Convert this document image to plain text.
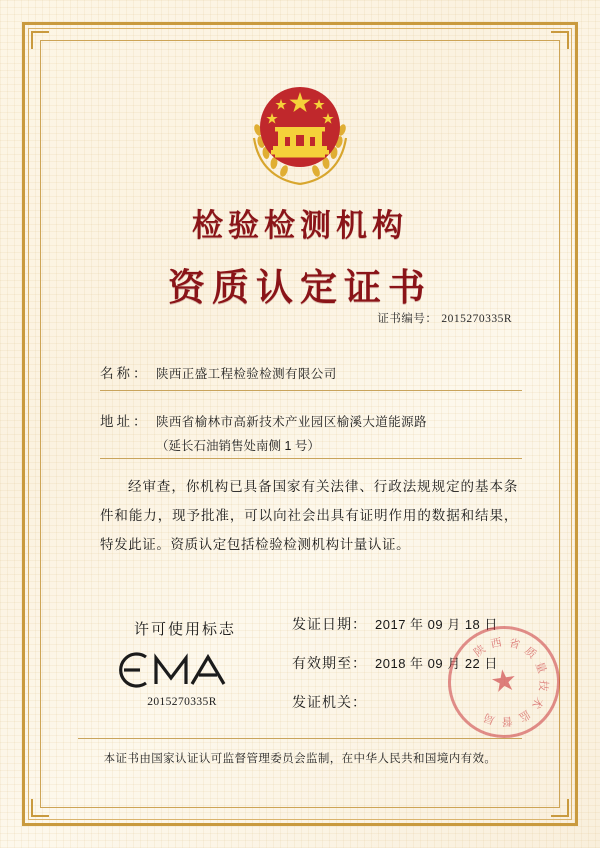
检验检测机构
资质认定证书
证书编号： 2015270335R
名称： 陕西正盛工程检验检测有限公司
地址： 陕西省榆林市高新技术产业园区榆溪大道能源路
（延长石油销售处南侧 1 号）
经审查，你机构已具备国家有关法律、行政法规规定的基本条件和能力，现予批准，可以向社会出具有证明作用的数据和结果，特发此证。资质认定包括检验检测机构计量认证。
许可使用标志
2015270335R
发证日期： 2017 年 09 月 18 日
有效期至： 2018 年 09 月 22 日
发证机关：
陕 西 省
质
量
技
术
监
督
局
★
本证书由国家认证认可监督管理委员会监制，在中华人民共和国境内有效。
